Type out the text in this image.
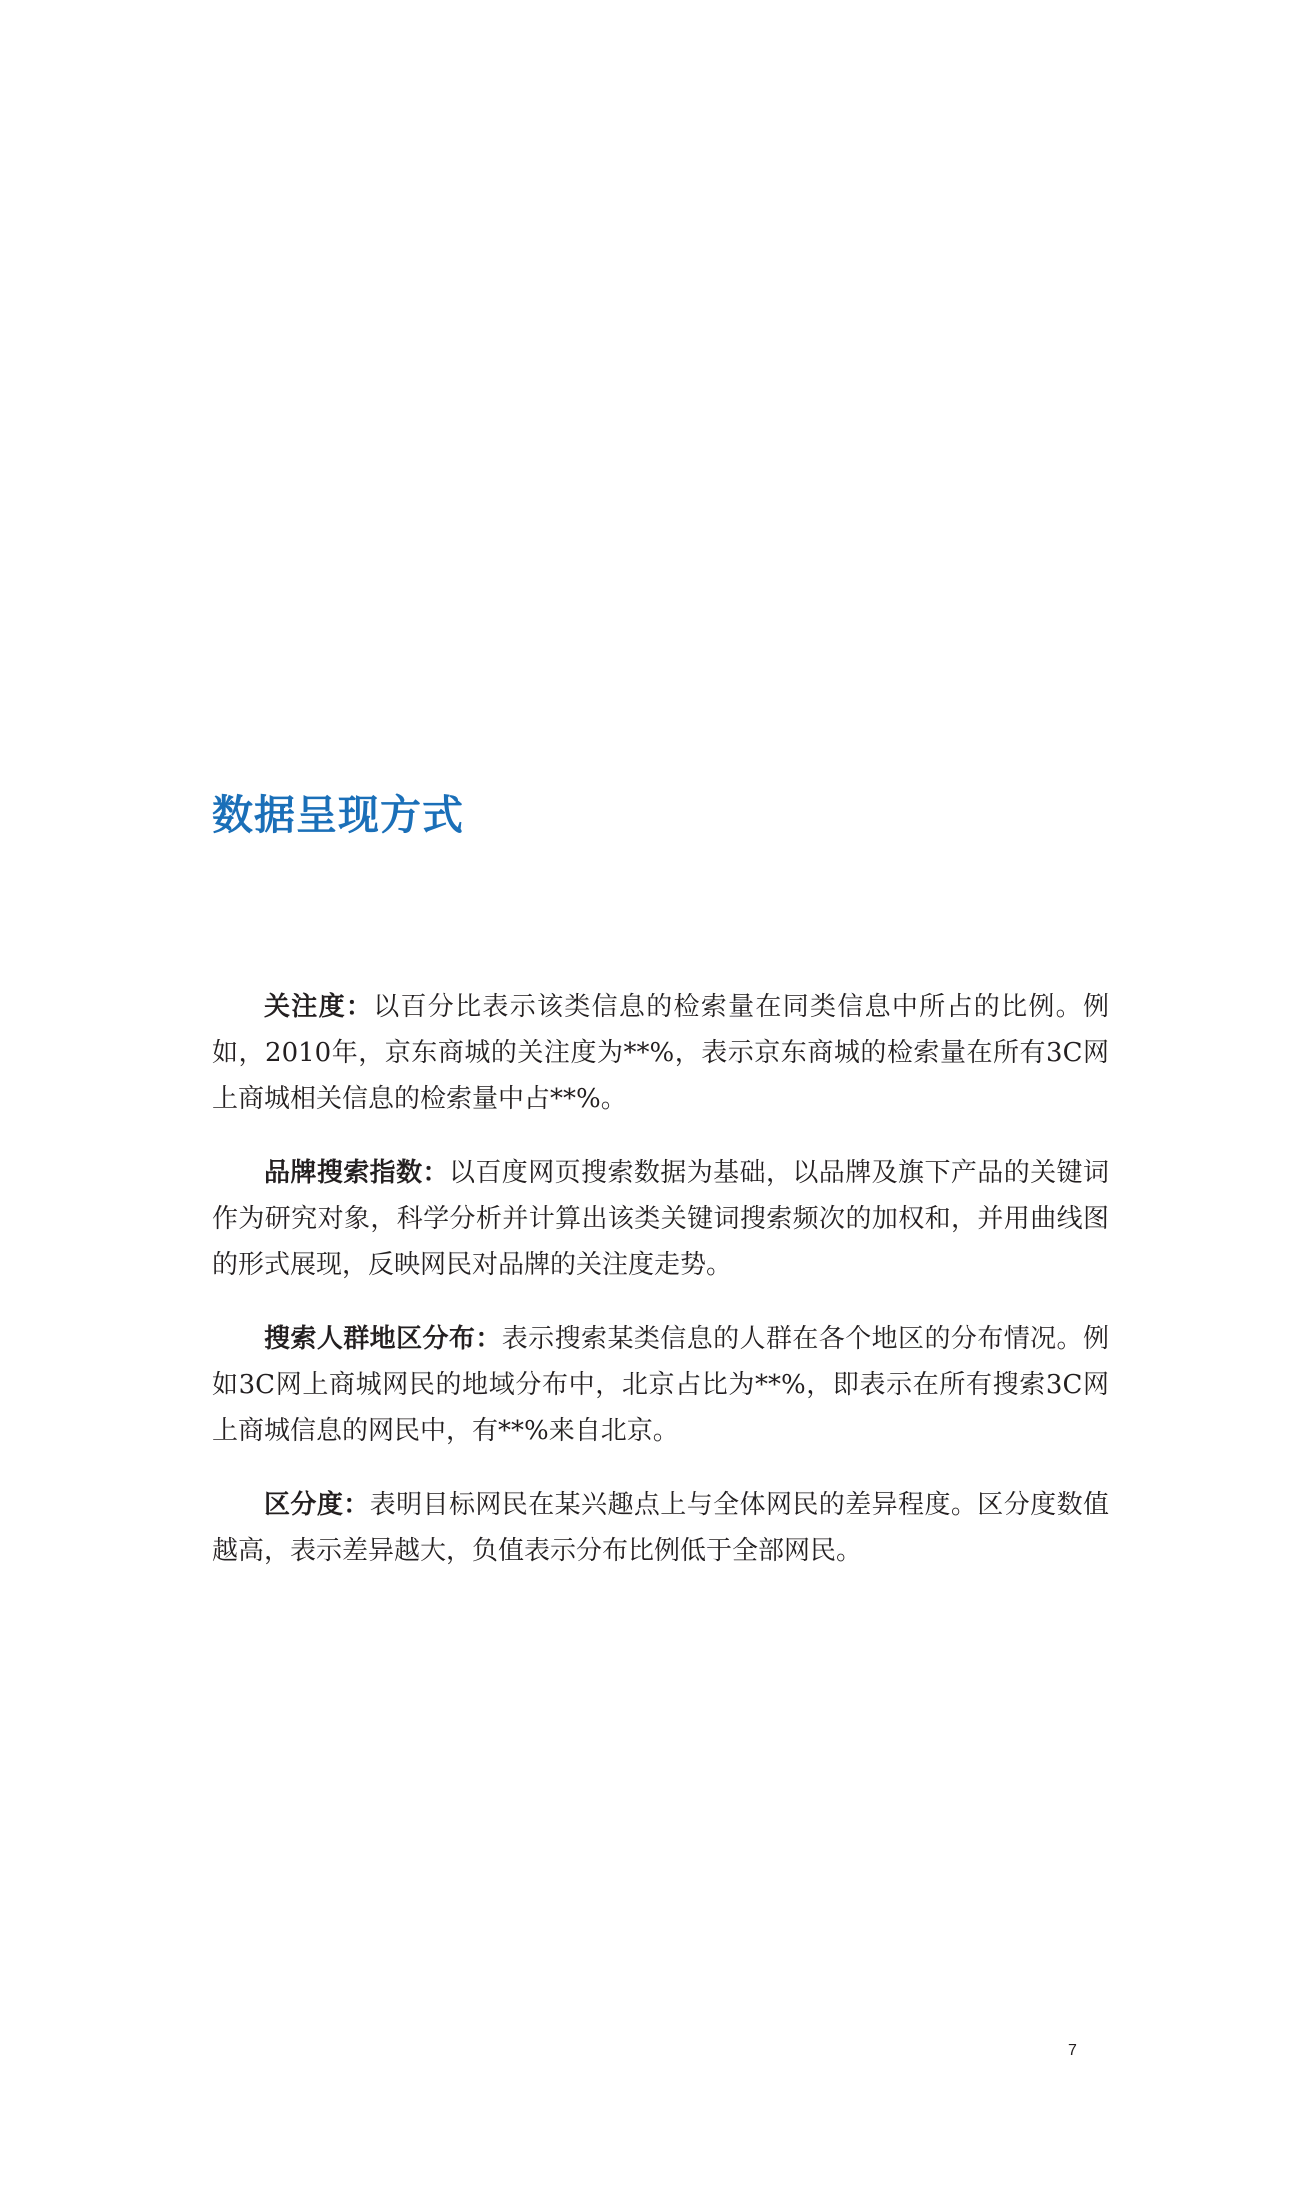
数据呈现方式

关注度：以百分比表示该类信息的检索量在同类信息中所占的比例。例如，2010年，京东商城的关注度为**%，表示京东商城的检索量在所有3C网上商城相关信息的检索量中占**%。

品牌搜索指数：以百度网页搜索数据为基础，以品牌及旗下产品的关键词作为研究对象，科学分析并计算出该类关键词搜索频次的加权和，并用曲线图的形式展现，反映网民对品牌的关注度走势。

搜索人群地区分布：表示搜索某类信息的人群在各个地区的分布情况。例如3C网上商城网民的地域分布中，北京占比为**%，即表示在所有搜索3C网上商城信息的网民中，有**%来自北京。

区分度：表明目标网民在某兴趣点上与全体网民的差异程度。区分度数值越高，表示差异越大，负值表示分布比例低于全部网民。

7
